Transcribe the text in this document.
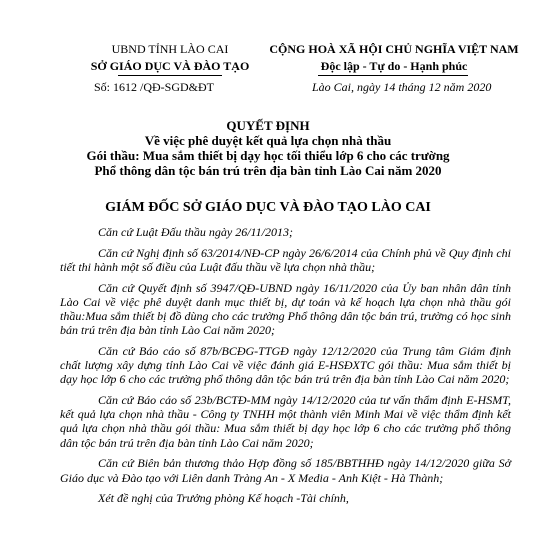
UBND TỈNH LÀO CAI
SỞ GIÁO DỤC VÀ ĐÀO TẠO
CỘNG HOÀ XÃ HỘI CHỦ NGHĨA VIỆT NAM
Độc lập - Tự do - Hạnh phúc
Số: 1612 /QĐ-SGD&ĐT	Lào Cai, ngày 14 tháng 12 năm 2020
QUYẾT ĐỊNH
Về việc phê duyệt kết quả lựa chọn nhà thầu
Gói thầu: Mua sắm thiết bị dạy học tối thiểu lớp 6 cho các trường
Phổ thông dân tộc bán trú trên địa bàn tỉnh Lào Cai năm 2020
GIÁM ĐỐC SỞ GIÁO DỤC VÀ ĐÀO TẠO LÀO CAI

Căn cứ Luật Đấu thầu ngày 26/11/2013;

Căn cứ Nghị định số 63/2014/NĐ-CP ngày 26/6/2014 của Chính phủ về Quy định chi tiết thi hành một số điều của Luật đấu thầu về lựa chọn nhà thầu;

Căn cứ Quyết định số 3947/QĐ-UBND ngày 16/11/2020 của Ủy ban nhân dân tỉnh Lào Cai về việc phê duyệt danh mục thiết bị, dự toán và kế hoạch lựa chọn nhà thầu gói thầu:Mua sắm thiết bị đồ dùng cho các trường Phổ thông dân tộc bán trú, trường có học sinh bán trú trên địa bàn tỉnh Lào Cai năm 2020;

Căn cứ Báo cáo số 87b/BCĐG-TTGĐ ngày 12/12/2020 của Trung tâm Giám định chất lượng xây dựng tỉnh Lào Cai về việc đánh giá E-HSĐXTC gói thầu: Mua sắm thiết bị dạy học lớp 6 cho các trường phổ thông dân tộc bán trú trên địa bàn tỉnh Lào Cai năm 2020;

Căn cứ Báo cáo số 23b/BCTĐ-MM ngày 14/12/2020 của tư vấn thẩm định E-HSMT, kết quả lựa chọn nhà thầu - Công ty TNHH một thành viên Minh Mai về việc thẩm định kết quả lựa chọn nhà thầu gói thầu: Mua sắm thiết bị dạy học lớp 6 cho các trường phổ thông dân tộc bán trú trên địa bàn tỉnh Lào Cai năm 2020;

Căn cứ Biên bản thương thảo Hợp đồng số 185/BBTHHĐ ngày 14/12/2020 giữa Sở Giáo dục và Đào tạo với Liên danh Tràng An - X Media - Anh Kiệt - Hà Thành;

Xét đề nghị của Trưởng phòng Kế hoạch -Tài chính,
